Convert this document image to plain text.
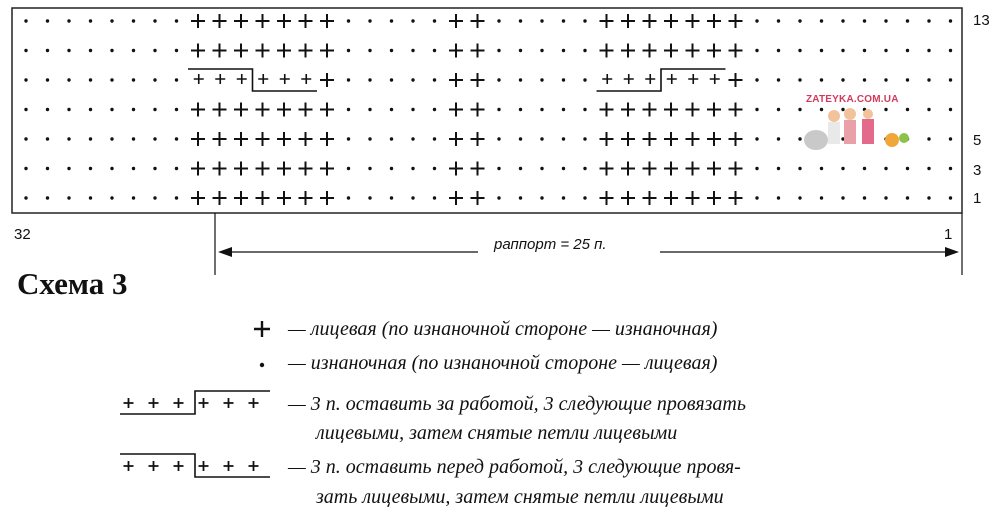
13
5
3
1
32	1
раппорт = 25 п.
ZATEYKA.COM.UA
Схема 3
— лицевая (по изнаночной стороне — изнаночная)
— изнаночная (по изнаночной стороне — лицевая)
— 3 п. оставить за работой, 3 следующие провязать
лицевыми, затем снятые петли лицевыми
— 3 п. оставить перед работой, 3 следующие провя-
зать лицевыми, затем снятые петли лицевыми
